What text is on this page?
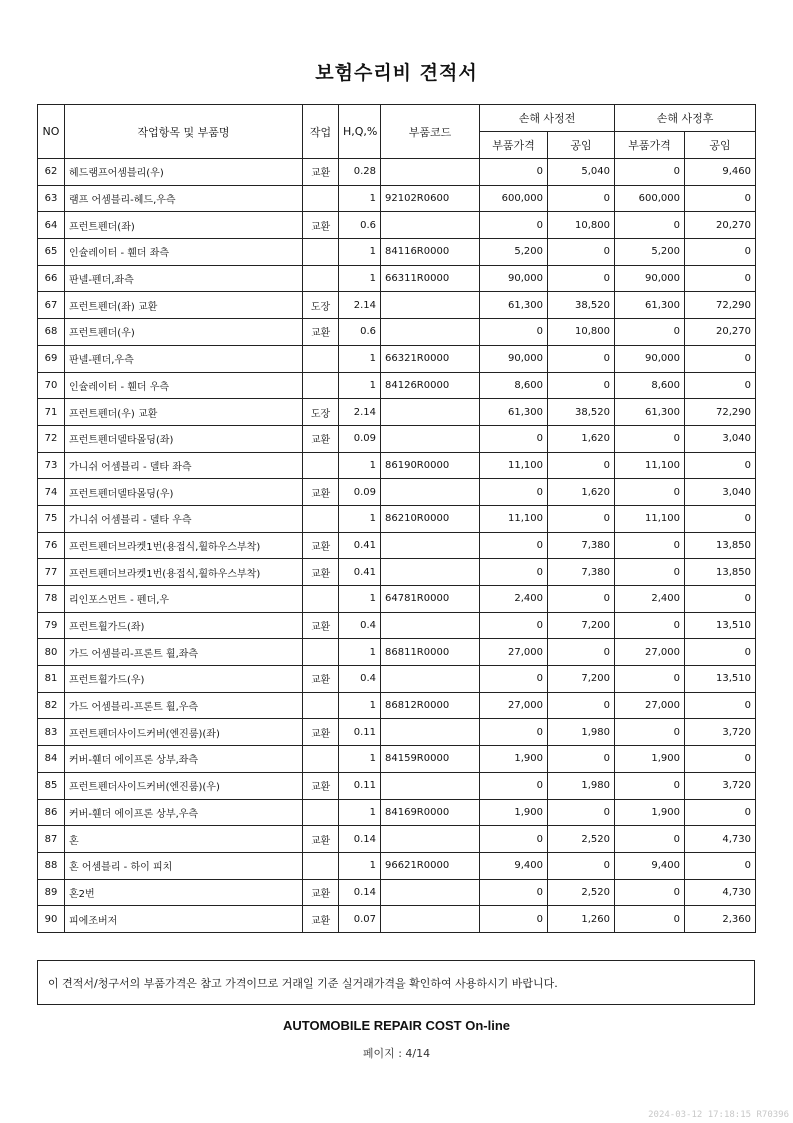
보험수리비 견적서
NO	작업항목 및 부품명	작업	H,Q,%	부품코드	손해 사정전		손해 사정후	
					부품가격	공임	부품가격	공임
62	헤드램프어셈블리(우)	교환	0.28		0	5,040	0	9,460
63	램프 어셈블리-헤드,우측		1	92102R0600	600,000	0	600,000	0
64	프런트펜더(좌)	교환	0.6		0	10,800	0	20,270
65	인슐레이터 - 휀더 좌측		1	84116R0000	5,200	0	5,200	0
66	판넬-펜더,좌측		1	66311R0000	90,000	0	90,000	0
67	프런트펜더(좌) 교환	도장	2.14		61,300	38,520	61,300	72,290
68	프런트펜더(우)	교환	0.6		0	10,800	0	20,270
69	판넬-펜더,우측		1	66321R0000	90,000	0	90,000	0
70	인슐레이터 - 휀더 우측		1	84126R0000	8,600	0	8,600	0
71	프런트펜더(우) 교환	도장	2.14		61,300	38,520	61,300	72,290
72	프런트펜더델타몰딩(좌)	교환	0.09		0	1,620	0	3,040
73	가니쉬 어셈블리 - 델타 좌측		1	86190R0000	11,100	0	11,100	0
74	프런트펜더델타몰딩(우)	교환	0.09		0	1,620	0	3,040
75	가니쉬 어셈블리 - 델타 우측		1	86210R0000	11,100	0	11,100	0
76	프런트펜더브라켓1번(용접식,휠하우스부착)	교환	0.41		0	7,380	0	13,850
77	프런트펜더브라켓1번(용접식,휠하우스부착)	교환	0.41		0	7,380	0	13,850
78	리인포스먼트 - 펜더,우		1	64781R0000	2,400	0	2,400	0
79	프런트휠가드(좌)	교환	0.4		0	7,200	0	13,510
80	가드 어셈블리-프론트 휠,좌측		1	86811R0000	27,000	0	27,000	0
81	프런트휠가드(우)	교환	0.4		0	7,200	0	13,510
82	가드 어셈블리-프론트 휠,우측		1	86812R0000	27,000	0	27,000	0
83	프런트펜더사이드커버(엔진룸)(좌)	교환	0.11		0	1,980	0	3,720
84	커버-휀더 에이프론 상부,좌측		1	84159R0000	1,900	0	1,900	0
85	프런트펜더사이드커버(엔진룸)(우)	교환	0.11		0	1,980	0	3,720
86	커버-휀더 에이프론 상부,우측		1	84169R0000	1,900	0	1,900	0
87	혼	교환	0.14		0	2,520	0	4,730
88	혼 어셈블리 - 하이 피치		1	96621R0000	9,400	0	9,400	0
89	혼2번	교환	0.14		0	2,520	0	4,730
90	피에조버저	교환	0.07		0	1,260	0	2,360
이 견적서/청구서의 부품가격은 참고 가격이므로 거래일 기준 실거래가격을 확인하여 사용하시기 바랍니다.
AUTOMOBILE REPAIR COST On-line
페이지 : 4/14
2024-03-12 17:18:15 R70396
